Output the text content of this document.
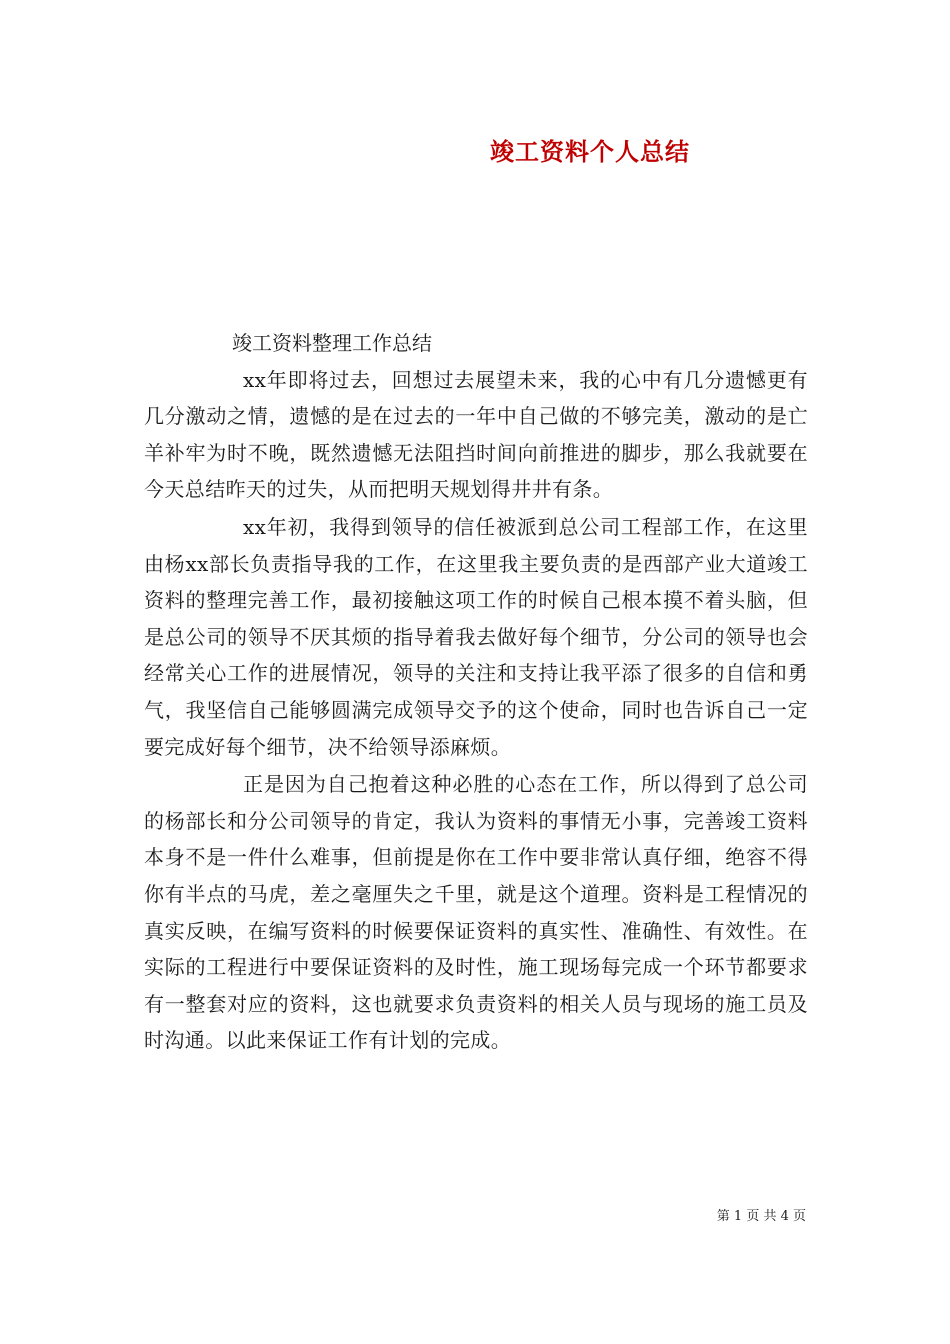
竣工资料个人总结

竣工资料整理工作总结

xx年即将过去，回想过去展望未来，我的心中有几分遗憾更有几分激动之情，遗憾的是在过去的一年中自己做的不够完美，激动的是亡羊补牢为时不晚，既然遗憾无法阻挡时间向前推进的脚步，那么我就要在今天总结昨天的过失，从而把明天规划得井井有条。

xx年初，我得到领导的信任被派到总公司工程部工作，在这里由杨xx部长负责指导我的工作，在这里我主要负责的是西部产业大道竣工资料的整理完善工作，最初接触这项工作的时候自己根本摸不着头脑，但是总公司的领导不厌其烦的指导着我去做好每个细节，分公司的领导也会经常关心工作的进展情况，领导的关注和支持让我平添了很多的自信和勇气，我坚信自己能够圆满完成领导交予的这个使命，同时也告诉自己一定要完成好每个细节，决不给领导添麻烦。

正是因为自己抱着这种必胜的心态在工作，所以得到了总公司的杨部长和分公司领导的肯定，我认为资料的事情无小事，完善竣工资料本身不是一件什么难事，但前提是你在工作中要非常认真仔细，绝容不得你有半点的马虎，差之毫厘失之千里，就是这个道理。资料是工程情况的真实反映，在编写资料的时候要保证资料的真实性、准确性、有效性。在实际的工程进行中要保证资料的及时性，施工现场每完成一个环节都要求有一整套对应的资料，这也就要求负责资料的相关人员与现场的施工员及时沟通。以此来保证工作有计划的完成。

第 1 页 共 4 页
